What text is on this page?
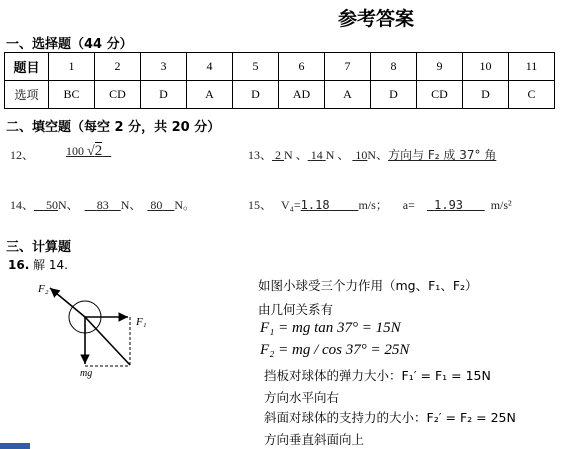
参考答案
一、选择题（44 分）
题目	1	2	3	4	5	6	7	8	9	10	11
选项	BC	CD	D	A	D	AD	A	D	CD	D	C
二、填空题（每空 2 分，共 20 分）
12、	100 √2	13、 2 N 、 14 N 、  10N、方向与 F₂ 成 37° 角
14、 50N、 83 N、 80 N。	15、 V₄=1.18 m/s； a= 1.93 m/s²
三、计算题
16. 解 14.
F₂
F₁
mg
如图小球受三个力作用（mg、F₁、F₂）
由几何关系有
F₁ = mg tan 37° = 15N
F₂ = mg / cos 37° = 25N
挡板对球体的弹力大小：F₁′ = F₁ = 15N
方向水平向右
斜面对球体的支持力的大小：F₂′ = F₂ = 25N
方向垂直斜面向上
